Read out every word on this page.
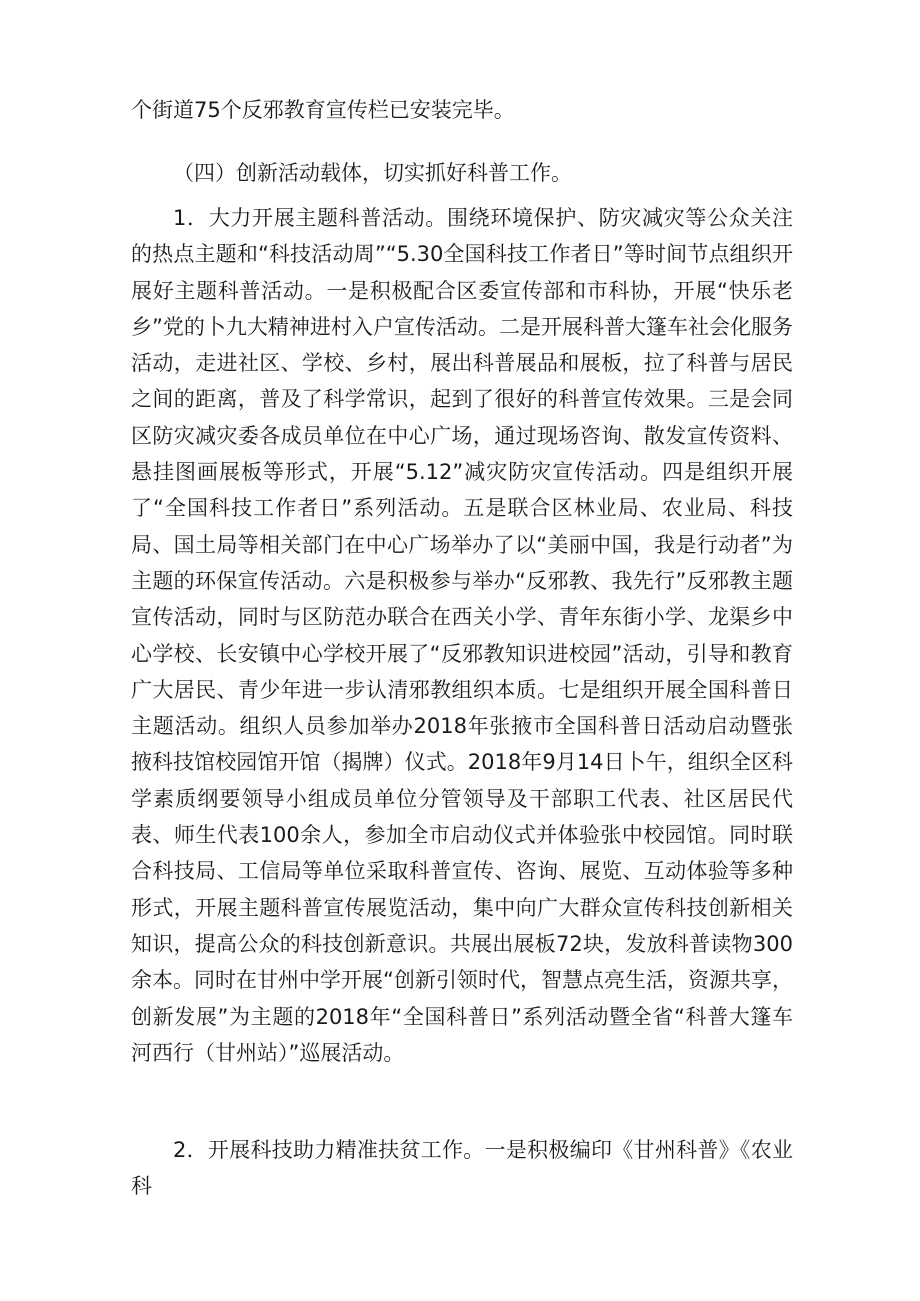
个街道75个反邪教育宣传栏已安装完毕。

（四）创新活动载体，切实抓好科普工作。

1．大力开展主题科普活动。围绕环境保护、防灾减灾等公众关注的热点主题和“科技活动周”“5.30全国科技工作者日”等时间节点组织开展好主题科普活动。一是积极配合区委宣传部和市科协，开展“快乐老乡”党的卜九大精神进村入户宣传活动。二是开展科普大篷车社会化服务活动，走进社区、学校、乡村，展出科普展品和展板，拉了科普与居民之间的距离，普及了科学常识，起到了很好的科普宣传效果。三是会同区防灾减灾委各成员单位在中心广场，通过现场咨询、散发宣传资料、悬挂图画展板等形式，开展“5.12”减灾防灾宣传活动。四是组织开展了“全国科技工作者日”系列活动。五是联合区林业局、农业局、科技局、国土局等相关部门在中心广场举办了以“美丽中国，我是行动者”为主题的环保宣传活动。六是积极参与举办“反邪教、我先行”反邪教主题宣传活动，同时与区防范办联合在西关小学、青年东街小学、龙渠乡中心学校、长安镇中心学校开展了“反邪教知识进校园”活动，引导和教育广大居民、青少年进一步认清邪教组织本质。七是组织开展全国科普日主题活动。组织人员参加举办2018年张掖市全国科普日活动启动暨张掖科技馆校园馆开馆（揭牌）仪式。2018年9月14日卜午，组织全区科学素质纲要领导小组成员单位分管领导及干部职工代表、社区居民代表、师生代表100余人，参加全市启动仪式并体验张中校园馆。同时联合科技局、工信局等单位采取科普宣传、咨询、展览、互动体验等多种形式，开展主题科普宣传展览活动，集中向广大群众宣传科技创新相关知识，提高公众的科技创新意识。共展出展板72块，发放科普读物300余本。同时在甘州中学开展“创新引领时代，智慧点亮生活，资源共享，创新发展”为主题的2018年“全国科普日”系列活动暨全省“科普大篷车河西行（甘州站）”巡展活动。

2．开展科技助力精准扶贫工作。一是积极编印《甘州科普》《农业科
